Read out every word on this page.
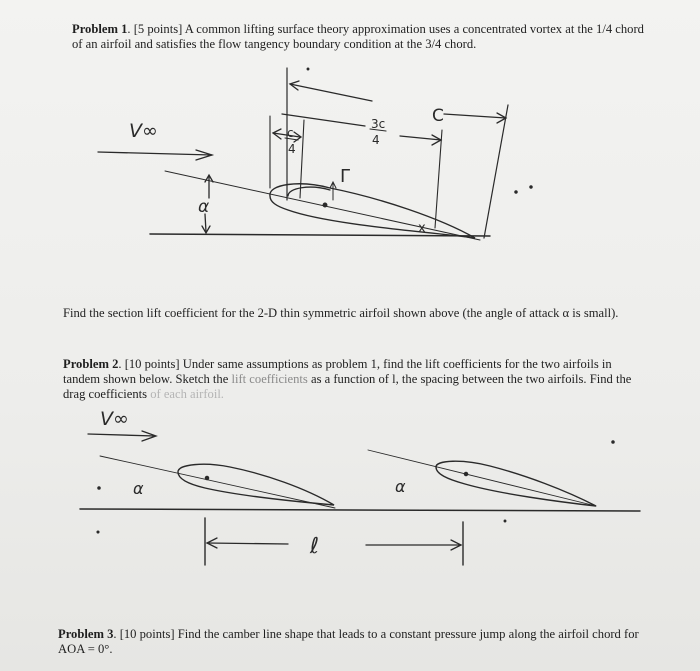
Problem 1. [5 points] A common lifting surface theory approximation uses a concentrated vortex at the 1/4 chord of an airfoil and satisfies the flow tangency boundary condition at the 3/4 chord.
V∞
C
3c
4
c
4
Γ
α
x
Find the section lift coefficient for the 2-D thin symmetric airfoil shown above (the angle of attack α is small).
Problem 2. [10 points] Under same assumptions as problem 1, find the lift coefficients for the two airfoils in tandem shown below. Sketch the lift coefficients as a function of l, the spacing between the two airfoils. Find the drag coefficients of each airfoil.
V∞
α	α
ℓ
Problem 3. [10 points] Find the camber line shape that leads to a constant pressure jump along the airfoil chord for AOA = 0°.
